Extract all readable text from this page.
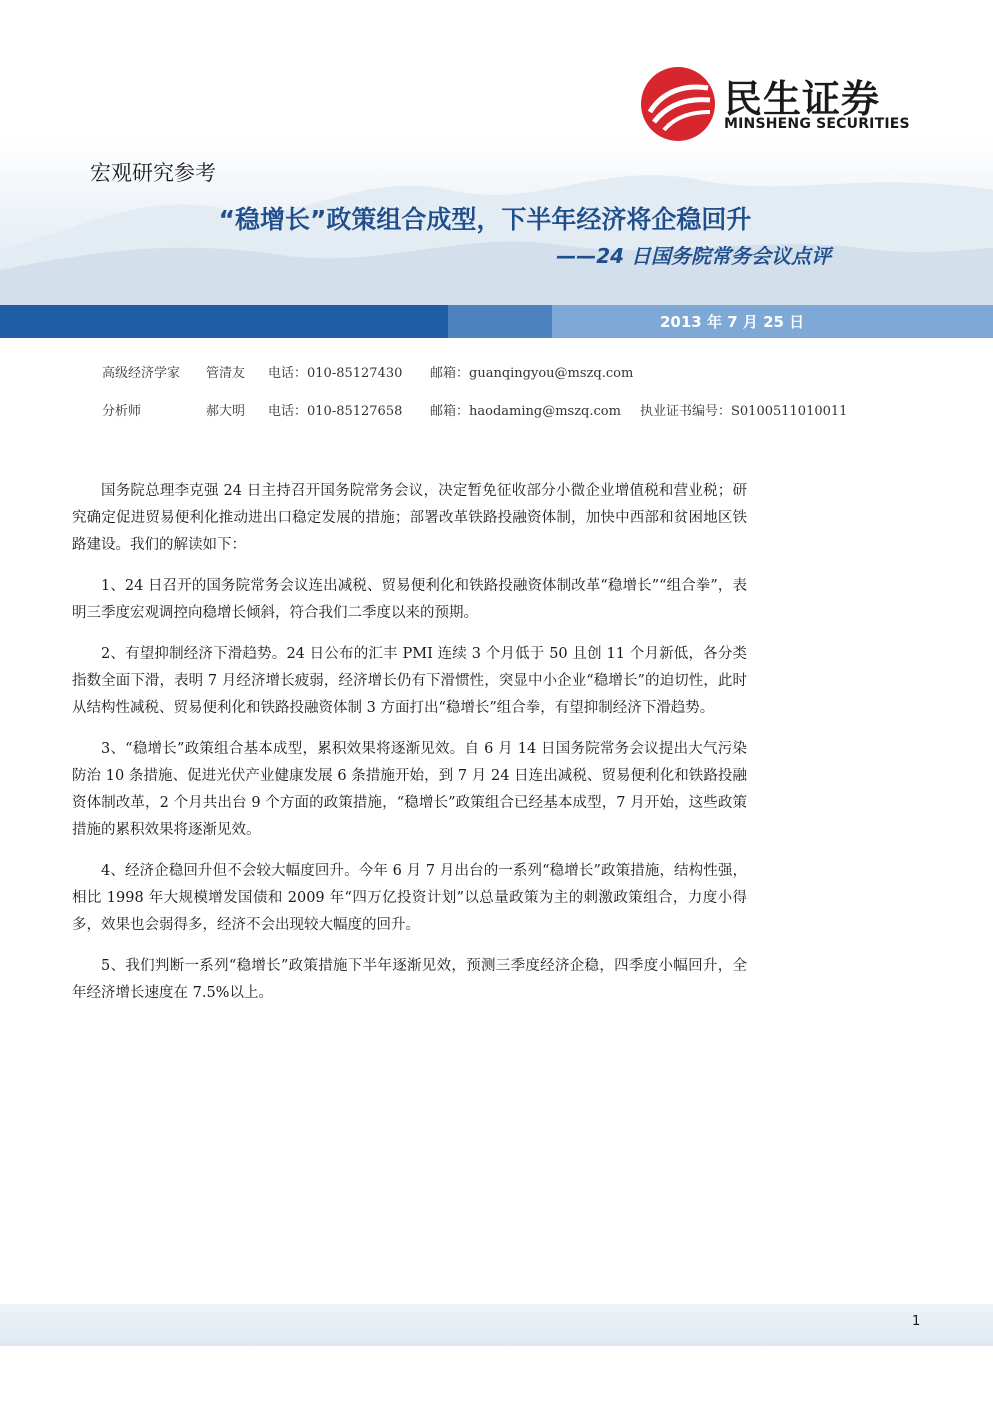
民生证券
MINSHENG SECURITIES
宏观研究参考
“稳增长”政策组合成型，下半年经济将企稳回升
——24 日国务院常务会议点评
2013 年 7 月 25 日
高级经济学家 管清友 电话：010-85127430 邮箱：guanqingyou@mszq.com
分析师	郝大明 电话：010-85127658 邮箱：haodaming@mszq.com 执业证书编号：S0100511010011

国务院总理李克强 24 日主持召开国务院常务会议，决定暂免征收部分小微企业增值税和营业税；研究确定促进贸易便利化推动进出口稳定发展的措施；部署改革铁路投融资体制，加快中西部和贫困地区铁路建设。我们的解读如下：

1、24 日召开的国务院常务会议连出减税、贸易便利化和铁路投融资体制改革“稳增长”“组合拳”，表明三季度宏观调控向稳增长倾斜，符合我们二季度以来的预期。

2、有望抑制经济下滑趋势。24 日公布的汇丰 PMI 连续 3 个月低于 50 且创 11 个月新低，各分类指数全面下滑，表明 7 月经济增长疲弱，经济增长仍有下滑惯性，突显中小企业“稳增长”的迫切性，此时从结构性减税、贸易便利化和铁路投融资体制 3 方面打出“稳增长”组合拳，有望抑制经济下滑趋势。

3、“稳增长”政策组合基本成型，累积效果将逐渐见效。自 6 月 14 日国务院常务会议提出大气污染防治 10 条措施、促进光伏产业健康发展 6 条措施开始，到 7 月 24 日连出减税、贸易便利化和铁路投融资体制改革，2 个月共出台 9 个方面的政策措施，“稳增长”政策组合已经基本成型，7 月开始，这些政策措施的累积效果将逐渐见效。

4、经济企稳回升但不会较大幅度回升。今年 6 月 7 月出台的一系列“稳增长”政策措施，结构性强，相比 1998 年大规模增发国债和 2009 年“四万亿投资计划”以总量政策为主的刺激政策组合，力度小得多，效果也会弱得多，经济不会出现较大幅度的回升。

5、我们判断一系列“稳增长”政策措施下半年逐渐见效，预测三季度经济企稳，四季度小幅回升，全年经济增长速度在 7.5%以上。

1
